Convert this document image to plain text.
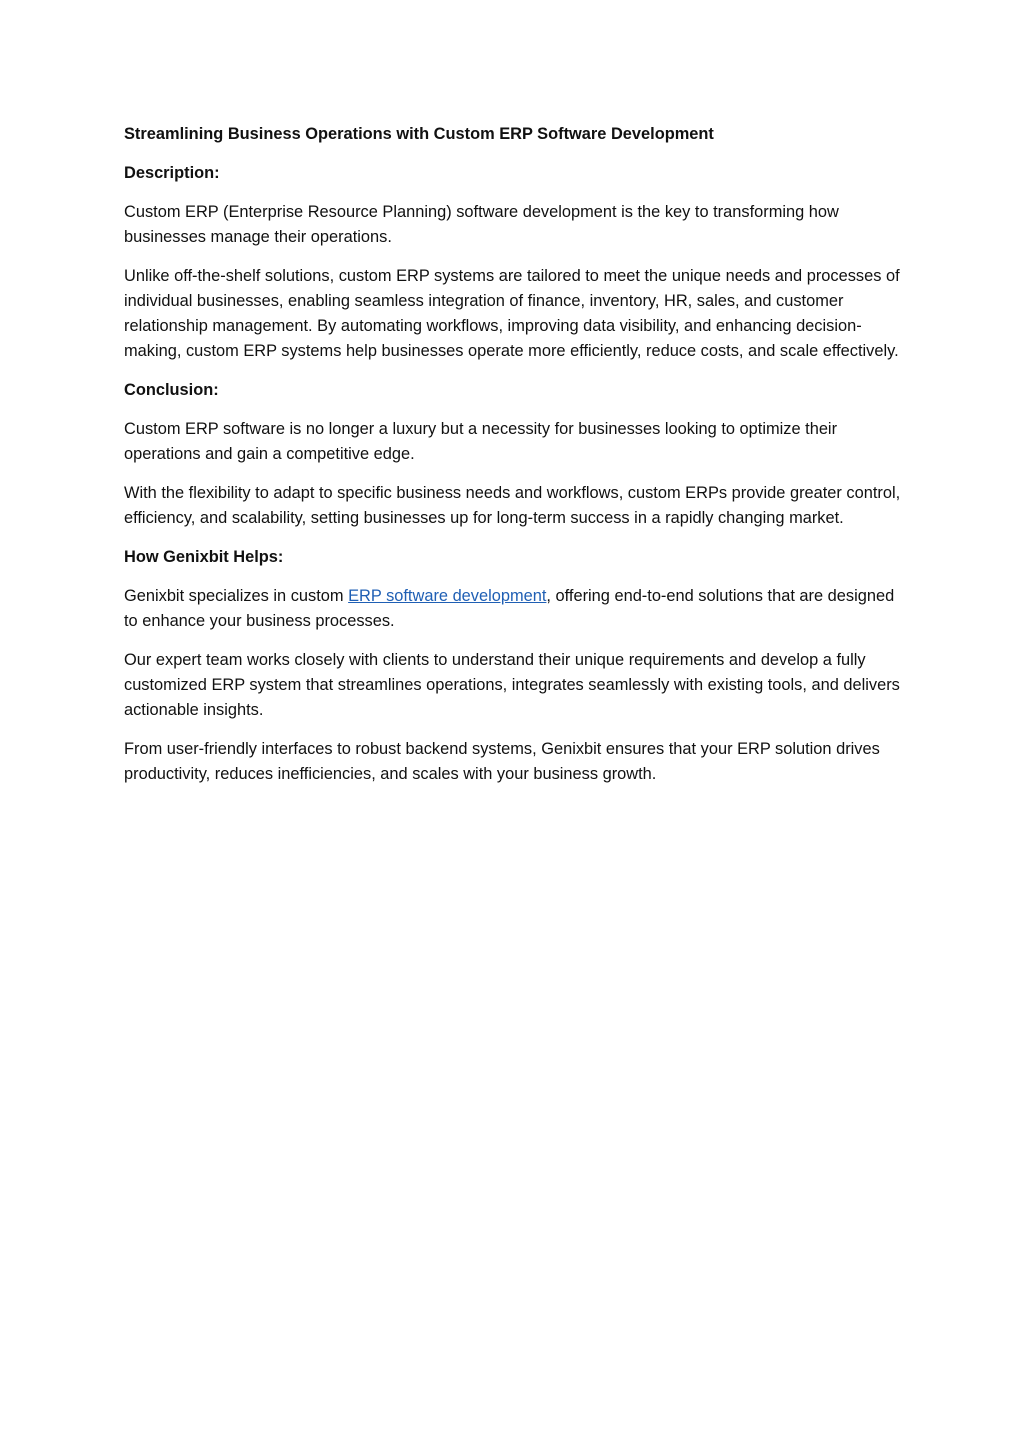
Streamlining Business Operations with Custom ERP Software Development
Description:

Custom ERP (Enterprise Resource Planning) software development is the key to transforming how businesses manage their operations.

Unlike off-the-shelf solutions, custom ERP systems are tailored to meet the unique needs and processes of individual businesses, enabling seamless integration of finance, inventory, HR, sales, and customer relationship management. By automating workflows, improving data visibility, and enhancing decision-making, custom ERP systems help businesses operate more efficiently, reduce costs, and scale effectively.

Conclusion:

Custom ERP software is no longer a luxury but a necessity for businesses looking to optimize their operations and gain a competitive edge.

With the flexibility to adapt to specific business needs and workflows, custom ERPs provide greater control, efficiency, and scalability, setting businesses up for long-term success in a rapidly changing market.

How Genixbit Helps:

Genixbit specializes in custom ERP software development, offering end-to-end solutions that are designed to enhance your business processes.

Our expert team works closely with clients to understand their unique requirements and develop a fully customized ERP system that streamlines operations, integrates seamlessly with existing tools, and delivers actionable insights.

From user-friendly interfaces to robust backend systems, Genixbit ensures that your ERP solution drives productivity, reduces inefficiencies, and scales with your business growth.
